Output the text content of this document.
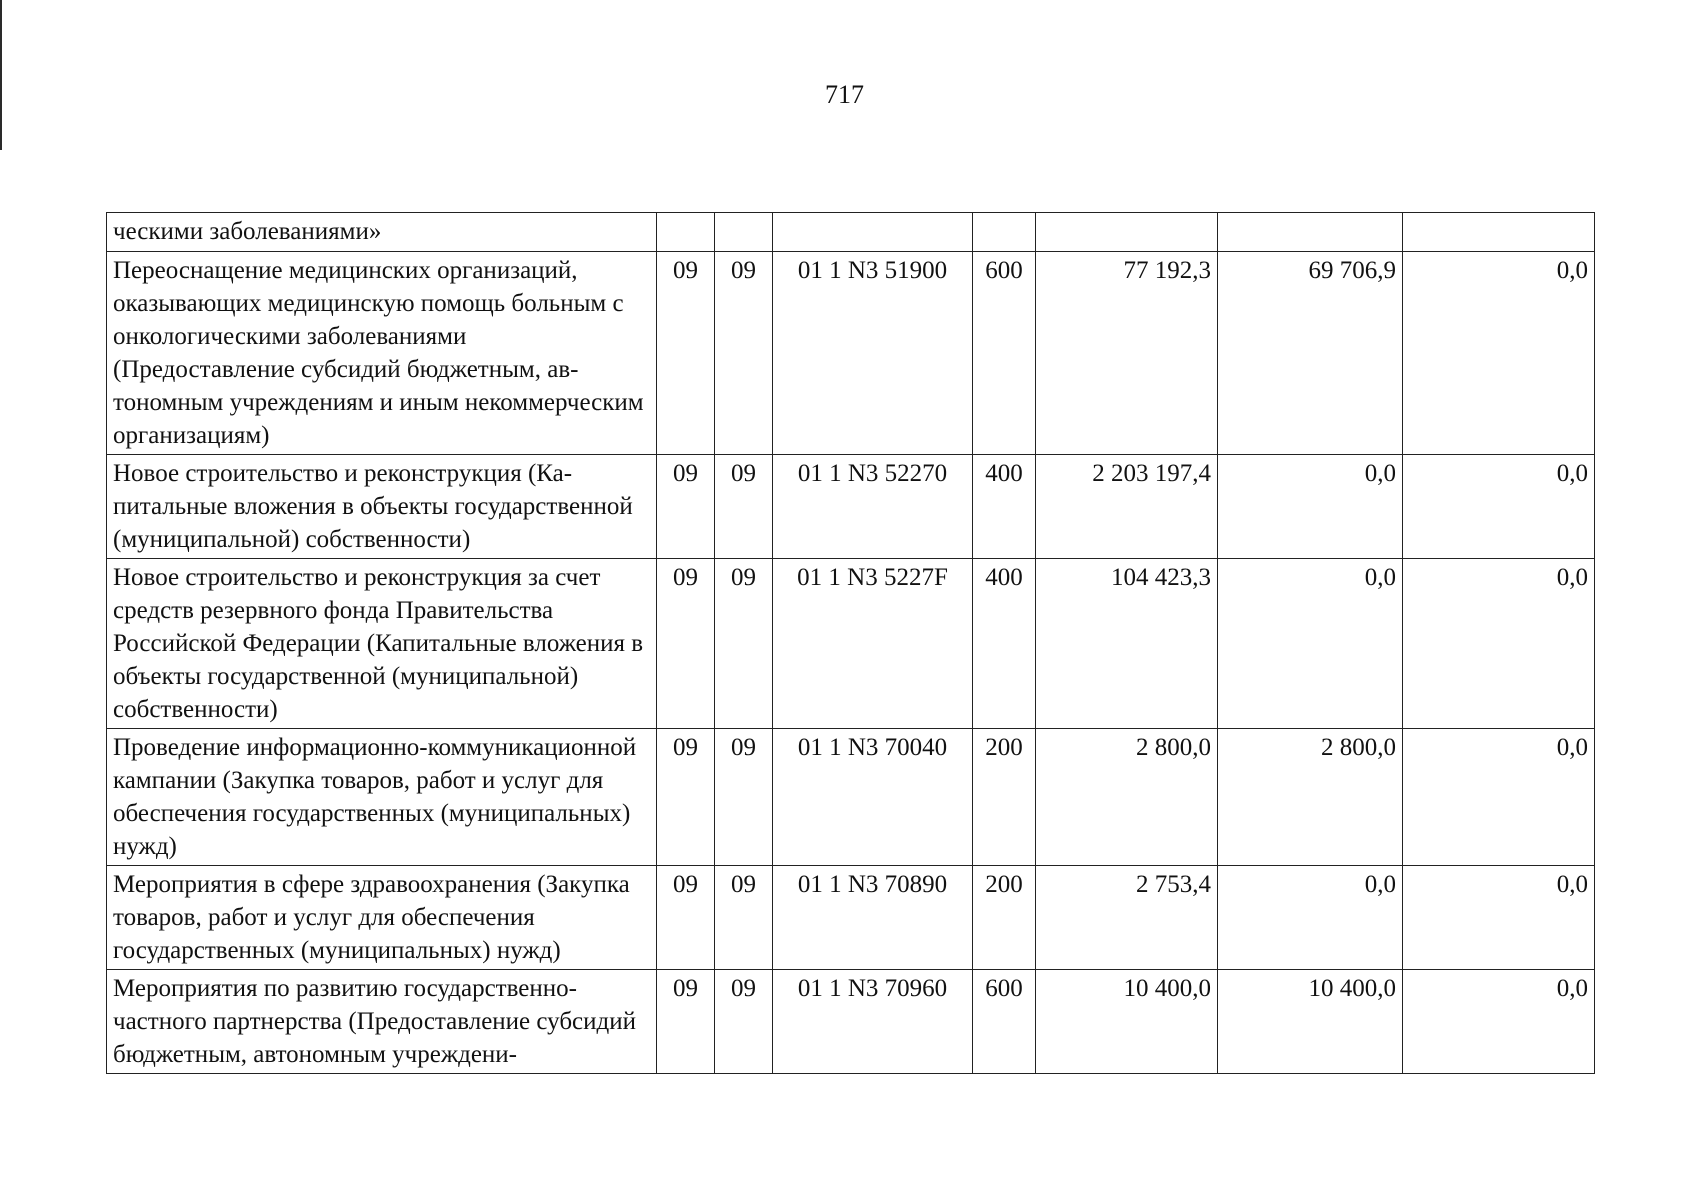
717
ческими заболеваниями»							
Переоснащение медицинских организаций, оказывающих медицинскую помощь больным с онкологическими заболеваниями (Предоставление субсидий бюджетным, автономным учреждениям и иным некоммерческим организациям)	09	09	01 1 N3 51900	600	77 192,3	69 706,9	0,0
Новое строительство и реконструкция (Капитальные вложения в объекты государственной (муниципальной) собственности)	09	09	01 1 N3 52270	400	2 203 197,4	0,0	0,0
Новое строительство и реконструкция за счет средств резервного фонда Правительства Российской Федерации (Капитальные вложения в объекты государственной (муниципальной) собственности)	09	09	01 1 N3 5227F	400	104 423,3	0,0	0,0
Проведение информационно-коммуникационной кампании (Закупка товаров, работ и услуг для обеспечения государственных (муниципальных) нужд)	09	09	01 1 N3 70040	200	2 800,0	2 800,0	0,0
Мероприятия в сфере здравоохранения (Закупка товаров, работ и услуг для обеспечения государственных (муниципальных) нужд)	09	09	01 1 N3 70890	200	2 753,4	0,0	0,0
Мероприятия по развитию государственно-частного партнерства (Предоставление субсидий бюджетным, автономным учреждени-	09	09	01 1 N3 70960	600	10 400,0	10 400,0	0,0
